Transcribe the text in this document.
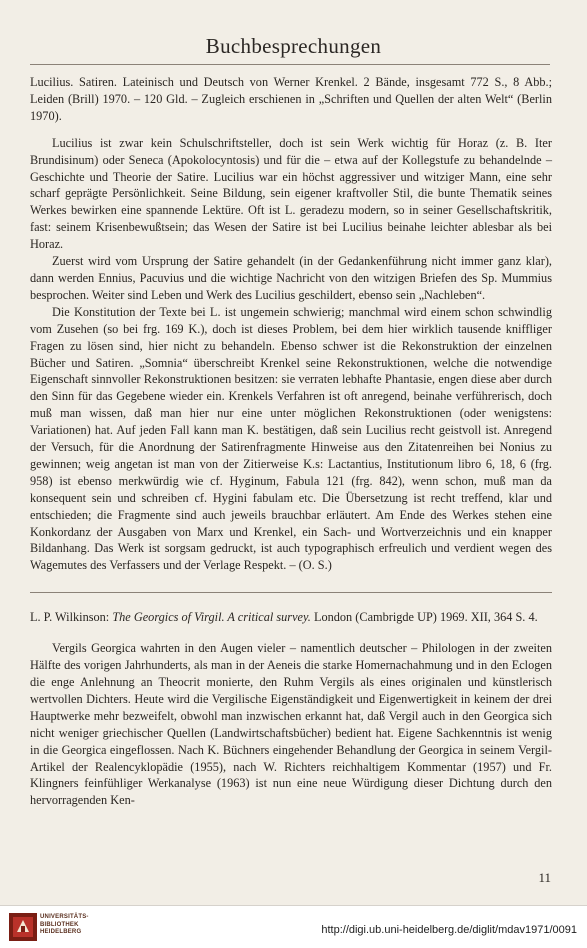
Buchbesprechungen

Lucilius. Satiren. Lateinisch und Deutsch von Werner Krenkel. 2 Bände, insgesamt 772 S., 8 Abb.; Leiden (Brill) 1970. – 120 Gld. – Zugleich erschienen in „Schriften und Quellen der alten Welt“ (Berlin 1970).

Lucilius ist zwar kein Schulschriftsteller, doch ist sein Werk wichtig für Horaz (z. B. Iter Brundisinum) oder Seneca (Apokolocyntosis) und für die – etwa auf der Kollegstufe zu behandelnde – Geschichte und Theorie der Satire. Lucilius war ein höchst aggressiver und witziger Mann, eine sehr scharf geprägte Persönlichkeit. Seine Bildung, sein eigener kraftvoller Stil, die bunte Thematik seines Werkes bewirken eine spannende Lektüre. Oft ist L. geradezu modern, so in seiner Gesellschaftskritik, fast: seinem Krisenbewußtsein; das Wesen der Satire ist bei Lucilius beinahe leichter ablesbar als bei Horaz.

Zuerst wird vom Ursprung der Satire gehandelt (in der Gedankenführung nicht immer ganz klar), dann werden Ennius, Pacuvius und die wichtige Nachricht von den witzigen Briefen des Sp. Mummius besprochen. Weiter sind Leben und Werk des Lucilius geschildert, ebenso sein „Nachleben“.

Die Konstitution der Texte bei L. ist ungemein schwierig; manchmal wird einem schon schwindlig vom Zusehen (so bei frg. 169 K.), doch ist dieses Problem, bei dem hier wirklich tausende kniffliger Fragen zu lösen sind, hier nicht zu behandeln. Ebenso schwer ist die Rekonstruktion der einzelnen Bücher und Satiren. „Somnia“ überschreibt Krenkel seine Rekonstruktionen, welche die notwendige Eigenschaft sinnvoller Rekonstruktionen besitzen: sie verraten lebhafte Phantasie, engen diese aber durch den Sinn für das Gegebene wieder ein. Krenkels Verfahren ist oft anregend, beinahe verführerisch, doch muß man wissen, daß man hier nur eine unter möglichen Rekonstruktionen (oder wenigstens: Variationen) hat. Auf jeden Fall kann man K. bestätigen, daß sein Lucilius recht geistvoll ist. Anregend der Versuch, für die Anordnung der Satirenfragmente Hinweise aus den Zitatenreihen bei Nonius zu gewinnen; weig angetan ist man von der Zitierweise K.s: Lactantius, Institutionum libro 6, 18, 6 (frg. 958) ist ebenso merkwürdig wie cf. Hyginum, Fabula 121 (frg. 842), wenn schon, muß man da konsequent sein und schreiben cf. Hygini fabulam etc. Die Übersetzung ist recht treffend, klar und entschieden; die Fragmente sind auch jeweils brauchbar erläutert. Am Ende des Werkes stehen eine Konkordanz der Ausgaben von Marx und Krenkel, ein Sach- und Wortverzeichnis und ein knapper Bildanhang. Das Werk ist sorgsam gedruckt, ist auch typographisch erfreulich und verdient wegen des Wagemutes des Verfassers und der Verlage Respekt. – (O. S.)

L. P. Wilkinson: The Georgics of Virgil. A critical survey. London (Cambrigde UP) 1969. XII, 364 S. 4.

Vergils Georgica wahrten in den Augen vieler – namentlich deutscher – Philologen in der zweiten Hälfte des vorigen Jahrhunderts, als man in der Aeneis die starke Homernachahmung und in den Eclogen die enge Anlehnung an Theocrit monierte, den Ruhm Vergils als eines originalen und künstlerisch wertvollen Dichters. Heute wird die Vergilische Eigenständigkeit und Eigenwertigkeit in keinem der drei Hauptwerke mehr bezweifelt, obwohl man inzwischen erkannt hat, daß Vergil auch in den Georgica sich nicht weniger griechischer Quellen (Landwirtschaftsbücher) bedient hat. Eigene Sachkenntnis ist wenig in die Georgica eingeflossen. Nach K. Büchners eingehender Behandlung der Georgica in seinem Vergil-Artikel der Realencyklopädie (1955), nach W. Richters reichhaltigem Kommentar (1957) und Fr. Klingners feinfühliger Werkanalyse (1963) ist nun eine neue Würdigung dieser Dichtung durch den hervorragenden Ken-

11
UNIVERSITÄTS-
BIBLIOTHEK
HEIDELBERG	http://digi.ub.uni-heidelberg.de/diglit/mdav1971/0091
